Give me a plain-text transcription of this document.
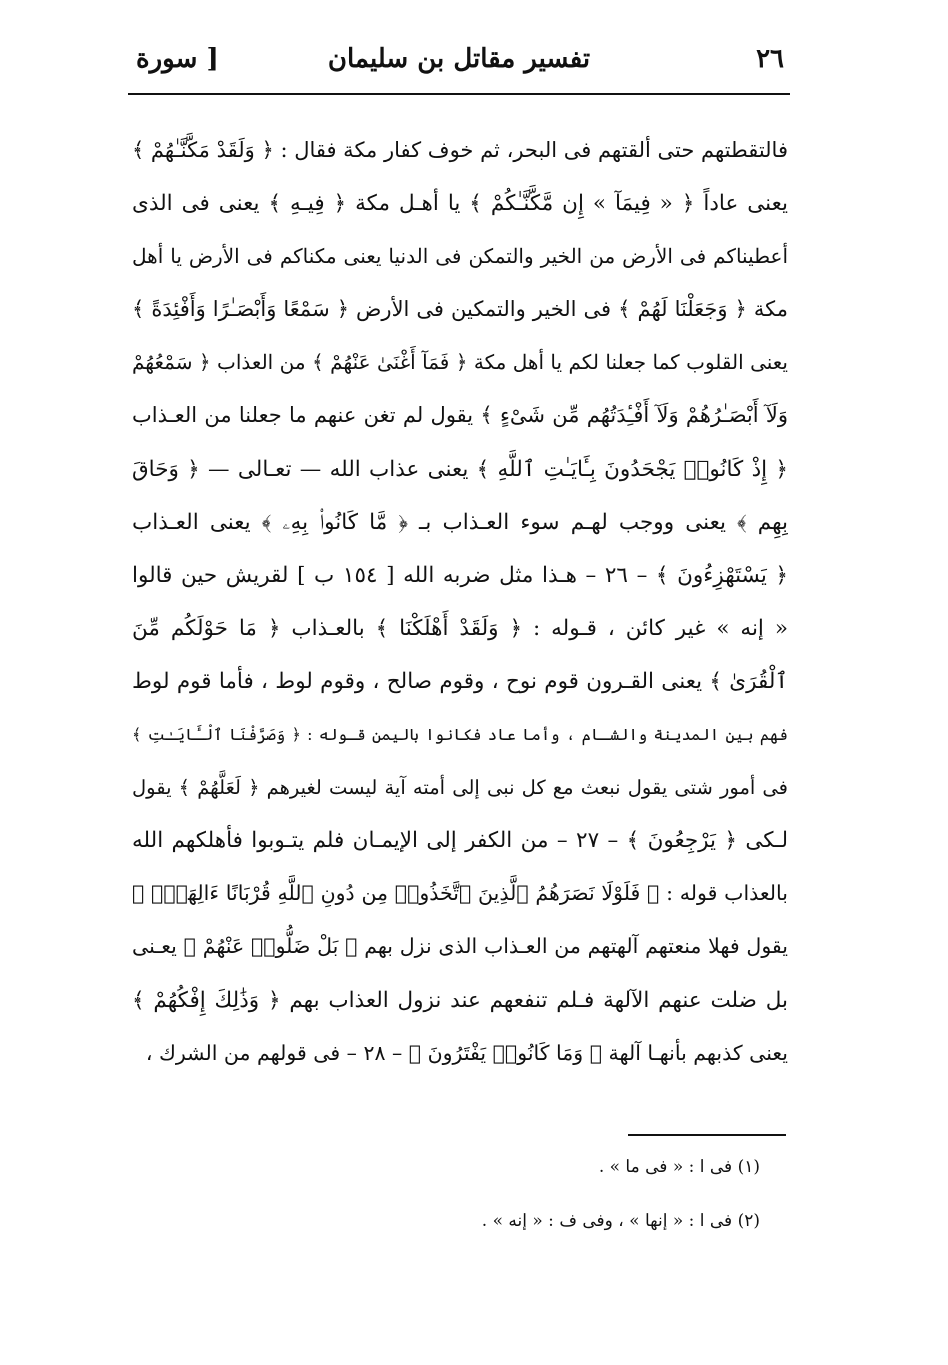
٢٦
تفسير مقاتل بن سليمان
[ سورة
فالتقطتهم حتى ألقتهم فى البحر، ثم خوف كفار مكة فقال : ﴿ وَلَقَدْ مَكَّنَّـٰهُمْ ﴾
يعنى عاداً ﴿ « فِيمَآ » إِن مَّكَّنَّـٰكُمْ ﴾ يا أهـل مكة ﴿ فِيـهِ ﴾ يعنى فى الذى
أعطيناكم فى الأرض من الخير والتمكن فى الدنيا يعنى مكناكم فى الأرض يا أهل
مكة ﴿ وَجَعَلْنَا لَهُمْ ﴾ فى الخير والتمكين فى الأرض ﴿ سَمْعًا وَأَبْصَـٰرًا وَأَفْئِدَةً ﴾
يعنى القلوب كما جعلنا لكم يا أهل مكة ﴿ فَمَآ أَغْنَىٰ عَنْهُمْ ﴾ من العذاب ﴿ سَمْعُهُمْ
وَلَآ أَبْصَـٰرُهُمْ وَلَآ أَفْـِٔدَتُهُم مِّن شَىْءٍ ﴾ يقول لم تغن عنهم ما جعلنا من العـذاب
﴿ إِذْ كَانُوا۟ يَجْحَدُونَ بِـَٔايَـٰتِ ٱللَّهِ ﴾ يعنى عذاب الله — تعـالى — ﴿ وَحَاقَ
بِهِم ﴾ يعنى ووجب لهـم سوء العـذاب بـ ﴿ مَّا كَانُوا۟ بِهِۦ ﴾ يعنى العـذاب
﴿ يَسْتَهْزِءُونَ ﴾ – ٢٦ – هـذا مثل ضربه الله [ ١٥٤ ب ] لقريش حين قالوا
« إنه » غير كائن ، قـوله : ﴿ وَلَقَدْ أَهْلَكْنَا ﴾ بالعـذاب ﴿ مَا حَوْلَكُم مِّنَ
ٱلْقُرَىٰ ﴾ يعنى القـرون قوم نوح ، وقوم صالح ، وقوم لوط ، فأما قوم لوط
فهم بين المدينة والشـام ، وأما عاد فكانوا باليمن قـوله : ﴿ وَصَرَّفْنَا ٱلْـَٔايَـٰتِ ﴾
فى أمور شتى يقول نبعث مع كل نبى إلى أمته آية ليست لغيرهم ﴿ لَعَلَّهُمْ ﴾ يقول
لـكى ﴿ يَرْجِعُونَ ﴾ – ٢٧ – من الكفر إلى الإيمـان فلم يتـوبوا فأهلكهم الله
بالعذاب قوله : ﴿ فَلَوْلَا نَصَرَهُمُ ٱلَّذِينَ ٱتَّخَذُوا۟ مِن دُونِ ٱللَّهِ قُرْبَانًا ءَالِهَةًۢ ﴾
يقول فهلا منعتهم آلهتهم من العـذاب الذى نزل بهم ﴿ بَلْ ضَلُّوا۟ عَنْهُمْ ﴾ يعـنى
بل ضلت عنهم الآلهة فـلم تنفعهم عند نزول العذاب بهم ﴿ وَذَٰلِكَ إِفْكُهُمْ ﴾
يعنى كذبهم بأنهـا آلهة ﴿ وَمَا كَانُوا۟ يَفْتَرُونَ ﴾ – ٢٨ – فى قولهم من الشرك ،
(١) فى ا : « فى ما » .
(٢) فى ا : « إنها » ، وفى ف : « إنه » .
